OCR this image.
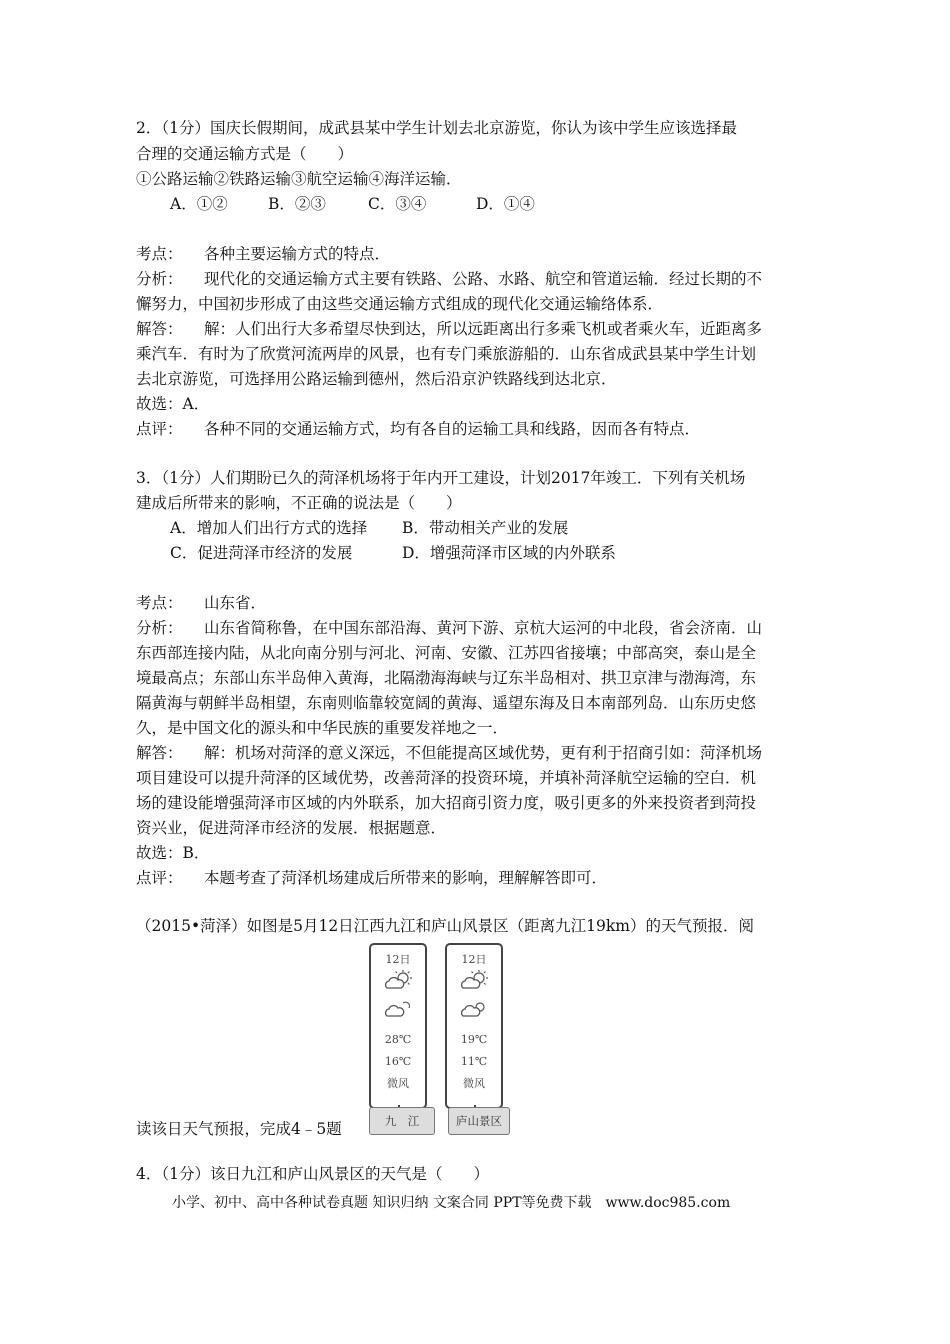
2．（1分）国庆长假期间，成武县某中学生计划去北京游览，你认为该中学生应该选择最
合理的交通运输方式是（　　）
①公路运输②铁路运输③航空运输④海洋运输．
A．①②	B．②③	C．③④	D．①④
考点： 各种主要运输方式的特点．
分析： 现代化的交通运输方式主要有铁路、公路、水路、航空和管道运输．经过长期的不
懈努力，中国初步形成了由这些交通运输方式组成的现代化交通运输络体系．
解答： 解：人们出行大多希望尽快到达，所以远距离出行多乘飞机或者乘火车，近距离多
乘汽车．有时为了欣赏河流两岸的风景，也有专门乘旅游船的．山东省成武县某中学生计划
去北京游览，可选择用公路运输到德州，然后沿京沪铁路线到达北京．
故选：A．
点评： 各种不同的交通运输方式，均有各自的运输工具和线路，因而各有特点．
3．（1分）人们期盼已久的菏泽机场将于年内开工建设，计划2017年竣工．下列有关机场
建成后所带来的影响，不正确的说法是（　　）
A．增加人们出行方式的选择 B．带动相关产业的发展
C．促进菏泽市经济的发展	D．增强菏泽市区域的内外联系
考点： 山东省．
分析： 山东省简称鲁，在中国东部沿海、黄河下游、京杭大运河的中北段，省会济南．山
东西部连接内陆，从北向南分别与河北、河南、安徽、江苏四省接壤；中部高突，泰山是全
境最高点；东部山东半岛伸入黄海，北隔渤海海峡与辽东半岛相对、拱卫京津与渤海湾，东
隔黄海与朝鲜半岛相望，东南则临靠较宽阔的黄海、遥望东海及日本南部列岛．山东历史悠
久，是中国文化的源头和中华民族的重要发祥地之一．
解答： 解：机场对菏泽的意义深远，不但能提高区域优势，更有利于招商引如：菏泽机场
项目建设可以提升菏泽的区域优势，改善菏泽的投资环境，并填补菏泽航空运输的空白．机
场的建设能增强菏泽市区域的内外联系，加大招商引资力度，吸引更多的外来投资者到菏投
资兴业，促进菏泽市经济的发展．根据题意．
故选：B．
点评： 本题考查了菏泽机场建成后所带来的影响，理解解答即可．
（2015•菏泽）如图是5月12日江西九江和庐山风景区（距离九江19km）的天气预报．阅
12日
28℃
16℃
微风
九　江
12日
19℃
11℃
微风
庐山景区
读该日天气预报，完成4﹣5题
4．（1分）该日九江和庐山风景区的天气是（　　）
小学、初中、高中各种试卷真题 知识归纳 文案合同 PPT等免费下载　www.doc985.com
